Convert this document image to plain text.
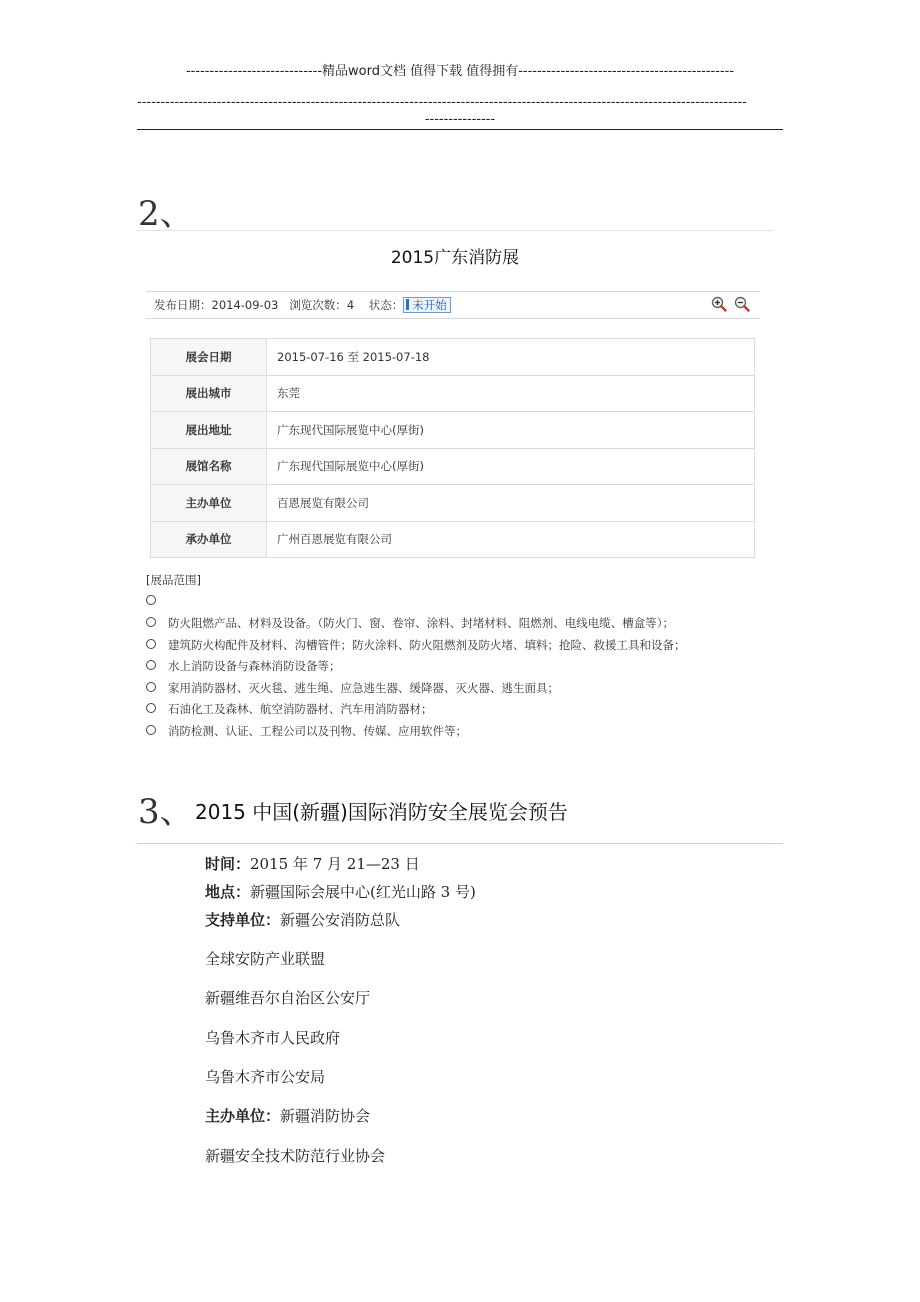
-----------------------------精品word文档 值得下载 值得拥有----------------------------------------------
----------------------------------------------------------------------------------------------------------------------------------
---------------
2、
2015广东消防展
发布日期：2014-09-03 浏览次数：4 状态： 未开始
展会日期	2015-07-16 至 2015-07-18
展出城市	东莞
展出地址	广东现代国际展览中心(厚街)
展馆名称	广东现代国际展览中心(厚街)
主办单位	百恩展览有限公司
承办单位	广州百恩展览有限公司
[展品范围]
防火阻燃产品、材料及设备。（防火门、窗、卷帘、涂料、封堵材料、阻燃剂、电线电缆、槽盒等）；
建筑防火构配件及材料、沟槽管件；防火涂料、防火阻燃剂及防火堵、填料；抢险、救援工具和设备；
水上消防设备与森林消防设备等；
家用消防器材、灭火毯、逃生绳、应急逃生器、缓降器、灭火器、逃生面具；
石油化工及森林、航空消防器材、汽车用消防器材；
消防检测、认证、工程公司以及刊物、传媒、应用软件等；
3、 2015 中国(新疆)国际消防安全展览会预告
时间：2015 年 7 月 21—23 日
地点：新疆国际会展中心(红光山路 3 号)
支持单位：新疆公安消防总队
全球安防产业联盟
新疆维吾尔自治区公安厅
乌鲁木齐市人民政府
乌鲁木齐市公安局
主办单位：新疆消防协会
新疆安全技术防范行业协会
